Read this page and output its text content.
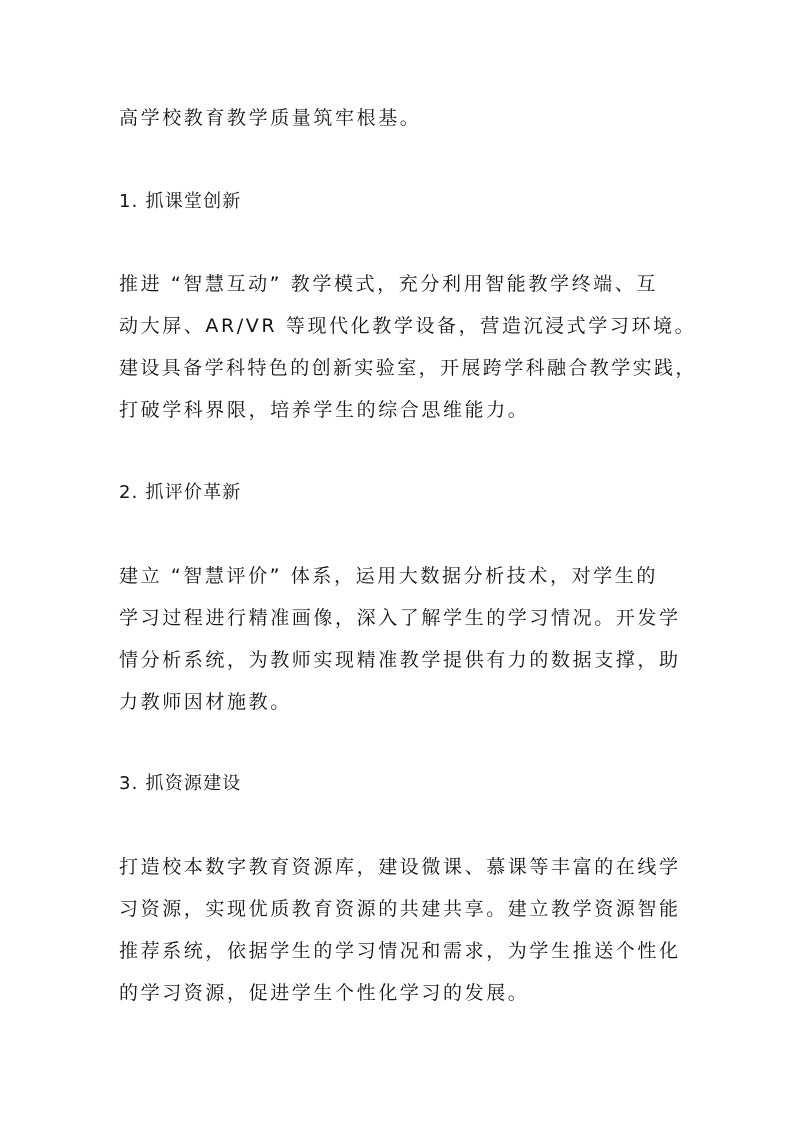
高学校教育教学质量筑牢根基。
1. 抓课堂创新
推进 “智慧互动” 教学模式，充分利用智能教学终端、互
动大屏、AR/VR 等现代化教学设备，营造沉浸式学习环境。
建设具备学科特色的创新实验室，开展跨学科融合教学实践，
打破学科界限，培养学生的综合思维能力。
2. 抓评价革新
建立 “智慧评价” 体系，运用大数据分析技术，对学生的
学习过程进行精准画像，深入了解学生的学习情况。开发学
情分析系统，为教师实现精准教学提供有力的数据支撑，助
力教师因材施教。
3. 抓资源建设
打造校本数字教育资源库，建设微课、慕课等丰富的在线学
习资源，实现优质教育资源的共建共享。建立教学资源智能
推荐系统，依据学生的学习情况和需求，为学生推送个性化
的学习资源，促进学生个性化学习的发展。
